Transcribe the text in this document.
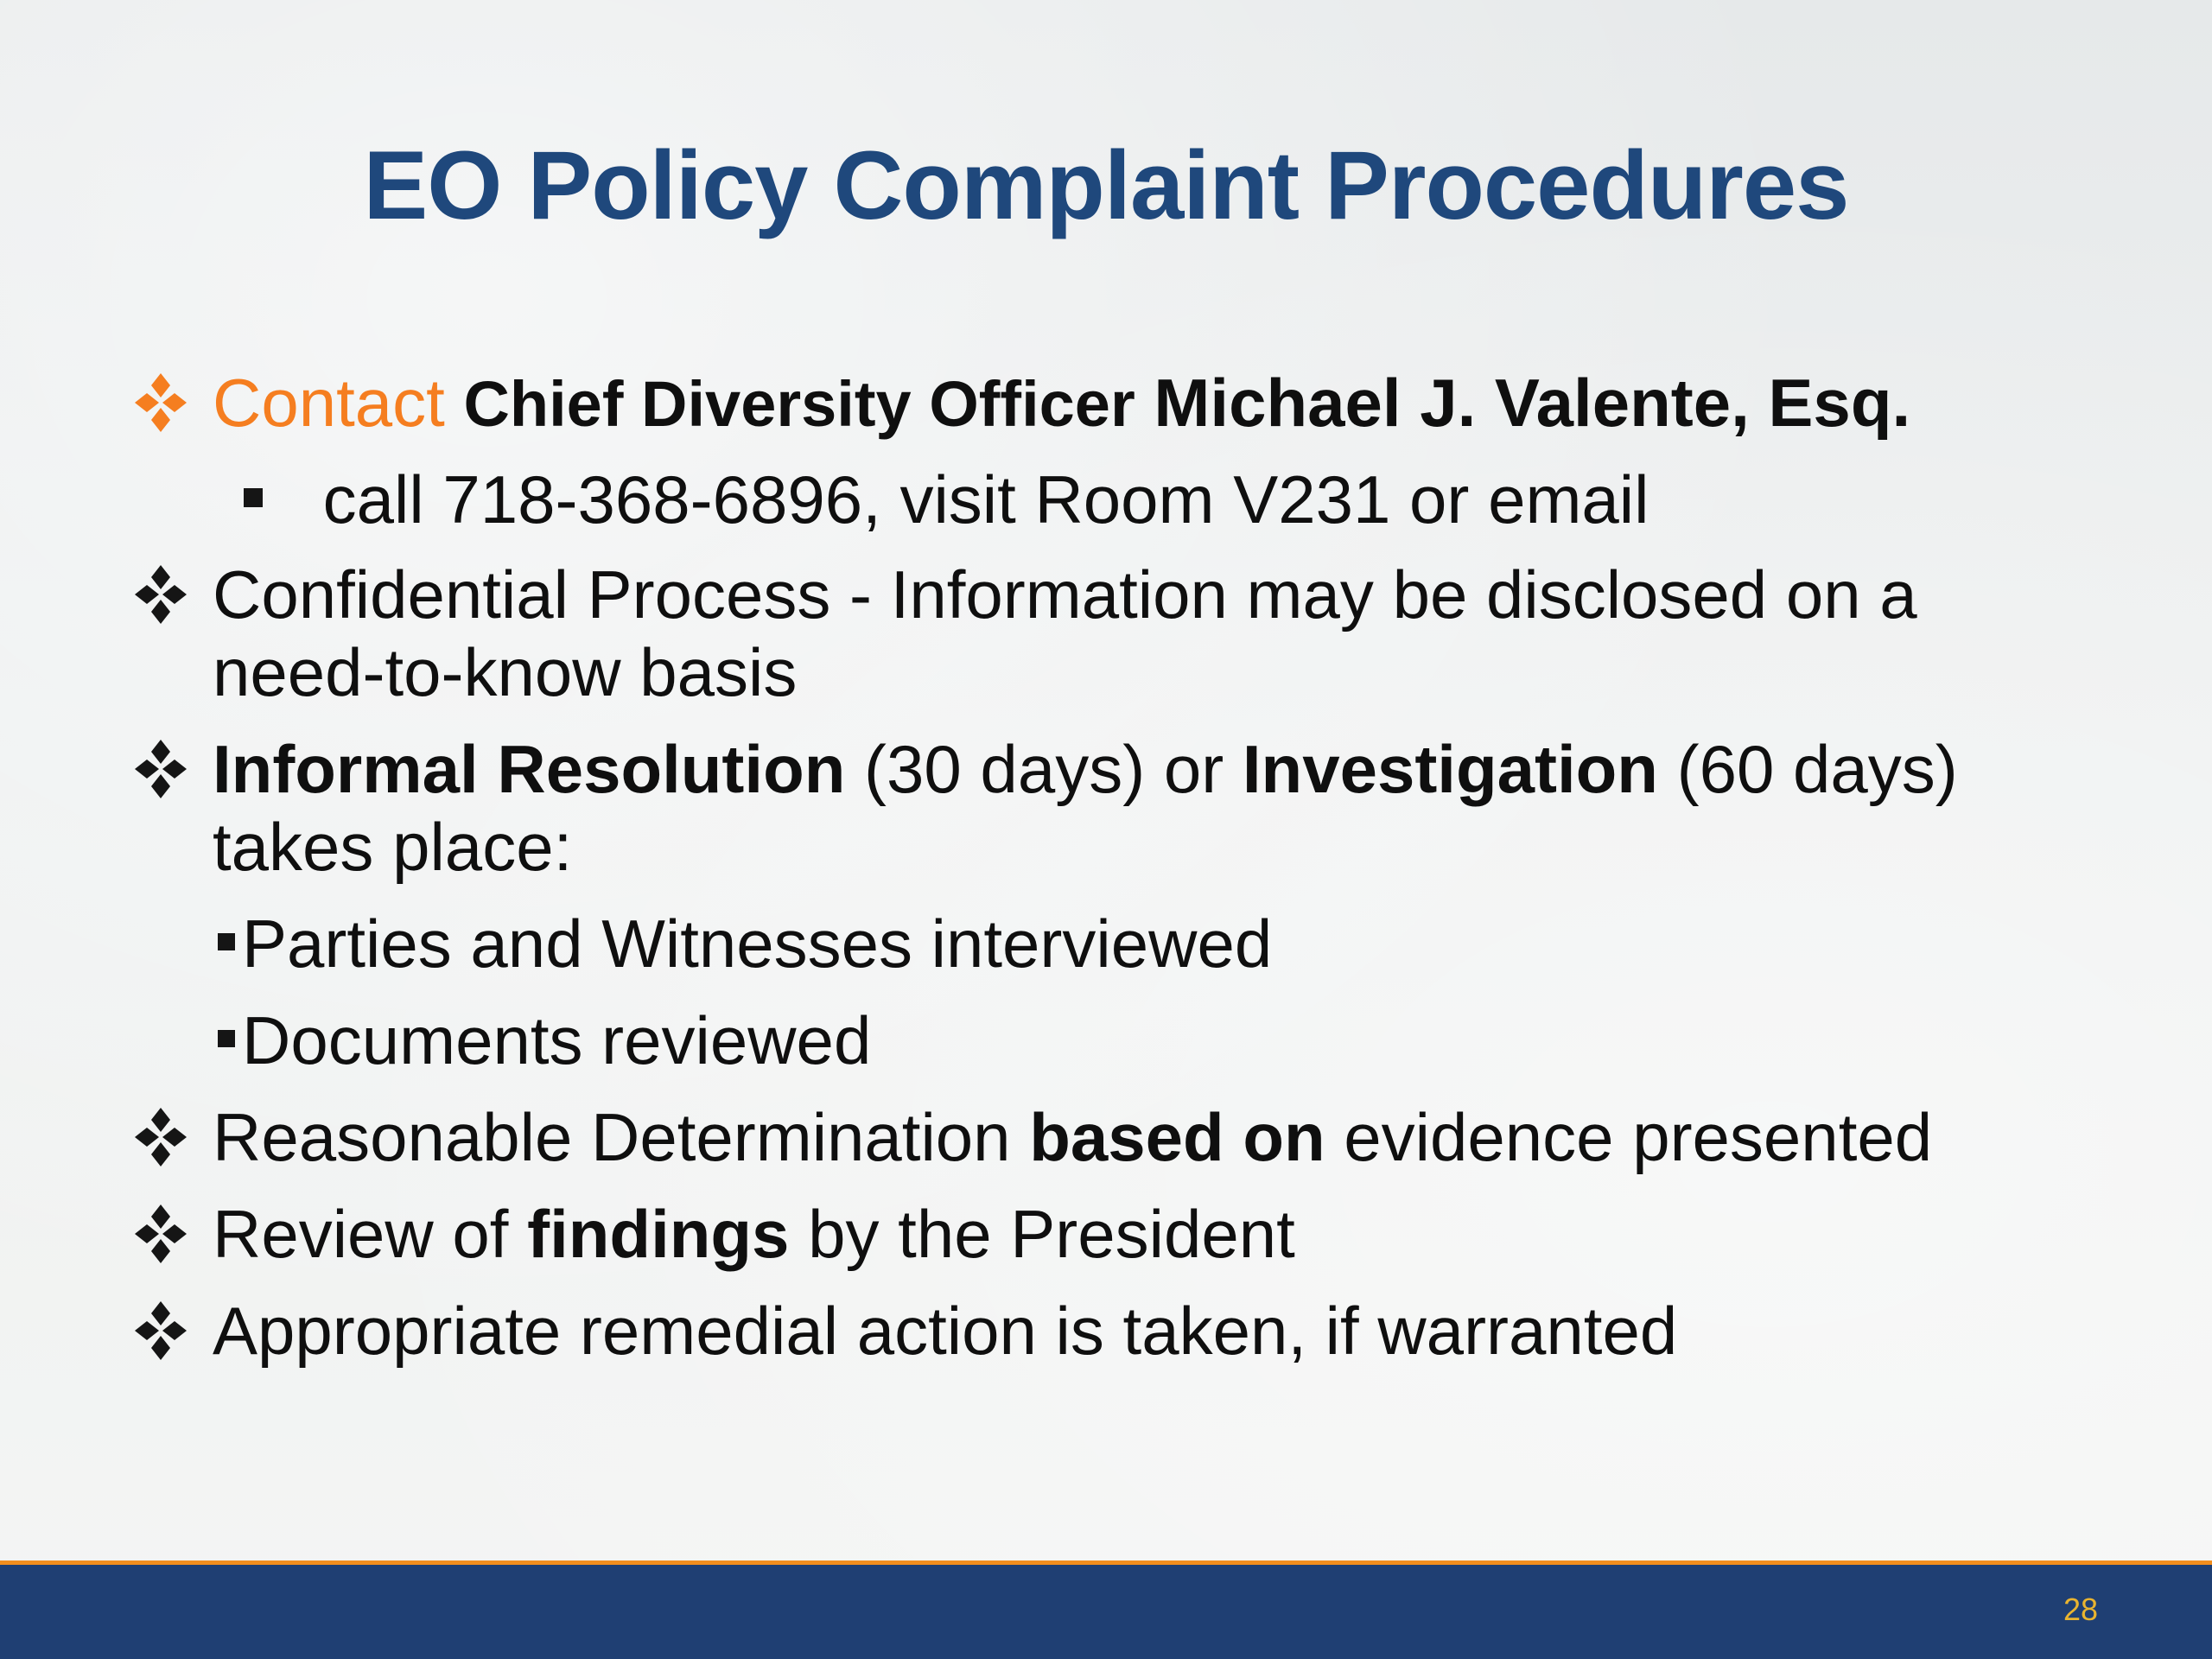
EO Policy Complaint Procedures
Contact Chief Diversity Officer Michael J. Valente, Esq.
call 718-368-6896, visit Room V231 or email
Confidential Process - Information may be disclosed on a
need-to-know basis
Informal Resolution (30 days) or Investigation (60 days)
takes place:
Parties and Witnesses interviewed
Documents reviewed
Reasonable Determination based on evidence presented
Review of findings by the President
Appropriate remedial action is taken, if warranted
28
